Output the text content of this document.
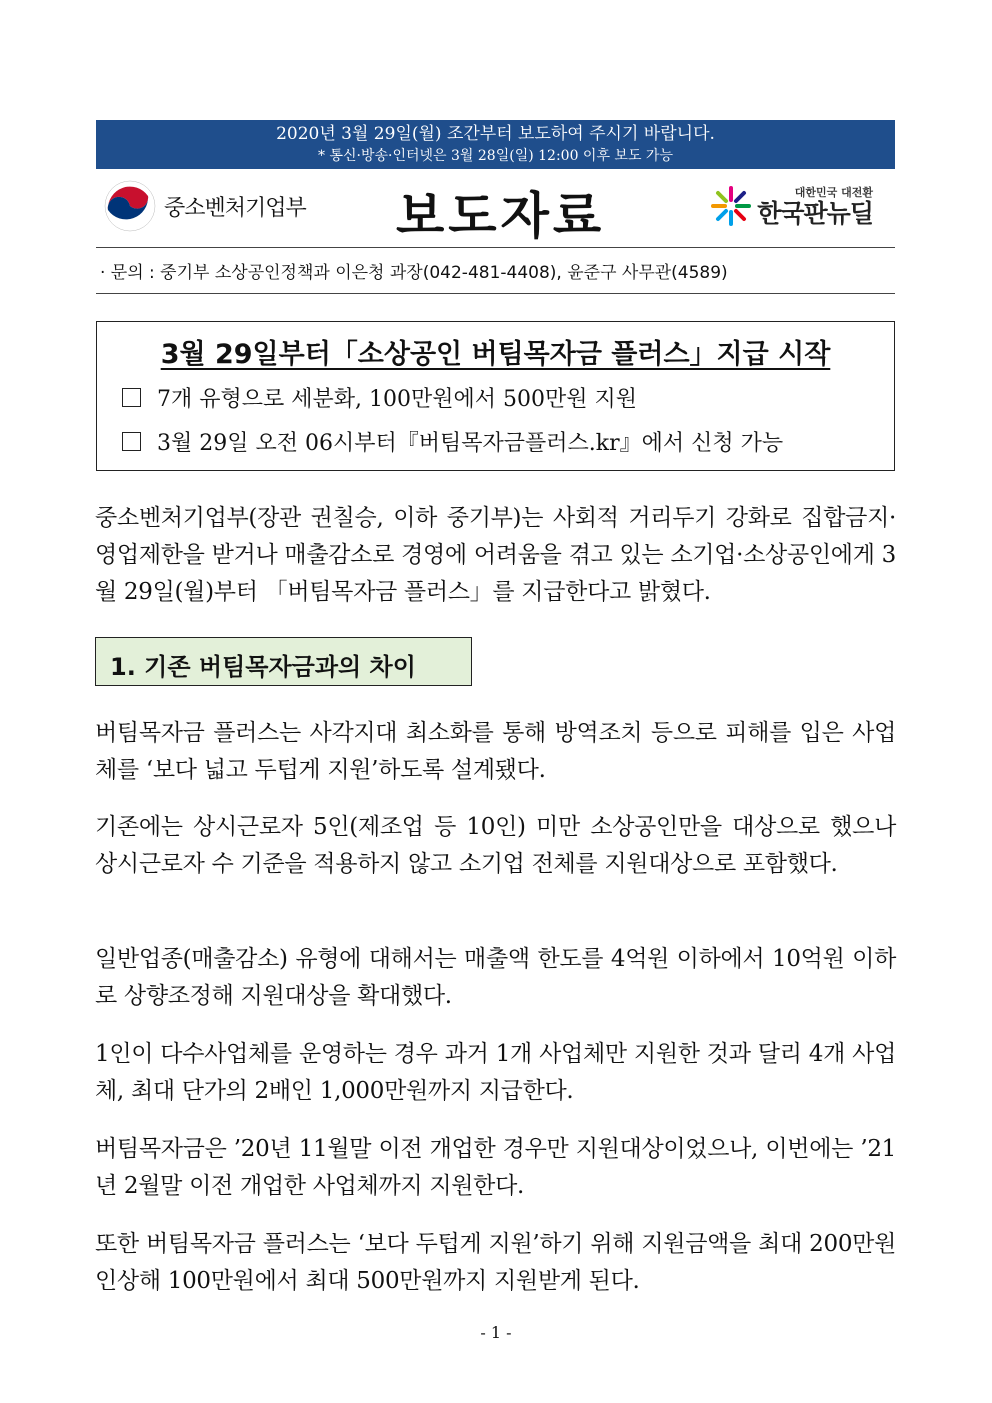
2020년 3월 29일(월) 조간부터 보도하여 주시기 바랍니다.
* 통신·방송·인터넷은 3월 28일(일) 12:00 이후 보도 가능
중소벤처기업부 보도자료	대한민국 대전환
한국판뉴딜
· 문의 : 중기부 소상공인정책과 이은청 과장(042-481-4408), 윤준구 사무관(4589)
3월 29일부터「소상공인 버팀목자금 플러스」지급 시작
7개 유형으로 세분화, 100만원에서 500만원 지원
3월 29일 오전 06시부터『버팀목자금플러스.kr』에서 신청 가능
중소벤처기업부(장관 권칠승, 이하 중기부)는 사회적 거리두기 강화로 집합금지·영업제한을 받거나 매출감소로 경영에 어려움을 겪고 있는 소기업·소상공인에게 3월 29일(월)부터 「버팀목자금 플러스」를 지급한다고 밝혔다.
1. 기존 버팀목자금과의 차이
버팀목자금 플러스는 사각지대 최소화를 통해 방역조치 등으로 피해를 입은 사업체를 ‘보다 넓고 두텁게 지원’하도록 설계됐다.
기존에는 상시근로자 5인(제조업 등 10인) 미만 소상공인만을 대상으로 했으나 상시근로자 수 기준을 적용하지 않고 소기업 전체를 지원대상으로 포함했다.
일반업종(매출감소) 유형에 대해서는 매출액 한도를 4억원 이하에서 10억원 이하로 상향조정해 지원대상을 확대했다.
1인이 다수사업체를 운영하는 경우 과거 1개 사업체만 지원한 것과 달리 4개 사업체, 최대 단가의 2배인 1,000만원까지 지급한다.
버팀목자금은 ’20년 11월말 이전 개업한 경우만 지원대상이었으나, 이번에는 ’21년 2월말 이전 개업한 사업체까지 지원한다.
또한 버팀목자금 플러스는 ‘보다 두텁게 지원’하기 위해 지원금액을 최대 200만원 인상해 100만원에서 최대 500만원까지 지원받게 된다.
- 1 -
